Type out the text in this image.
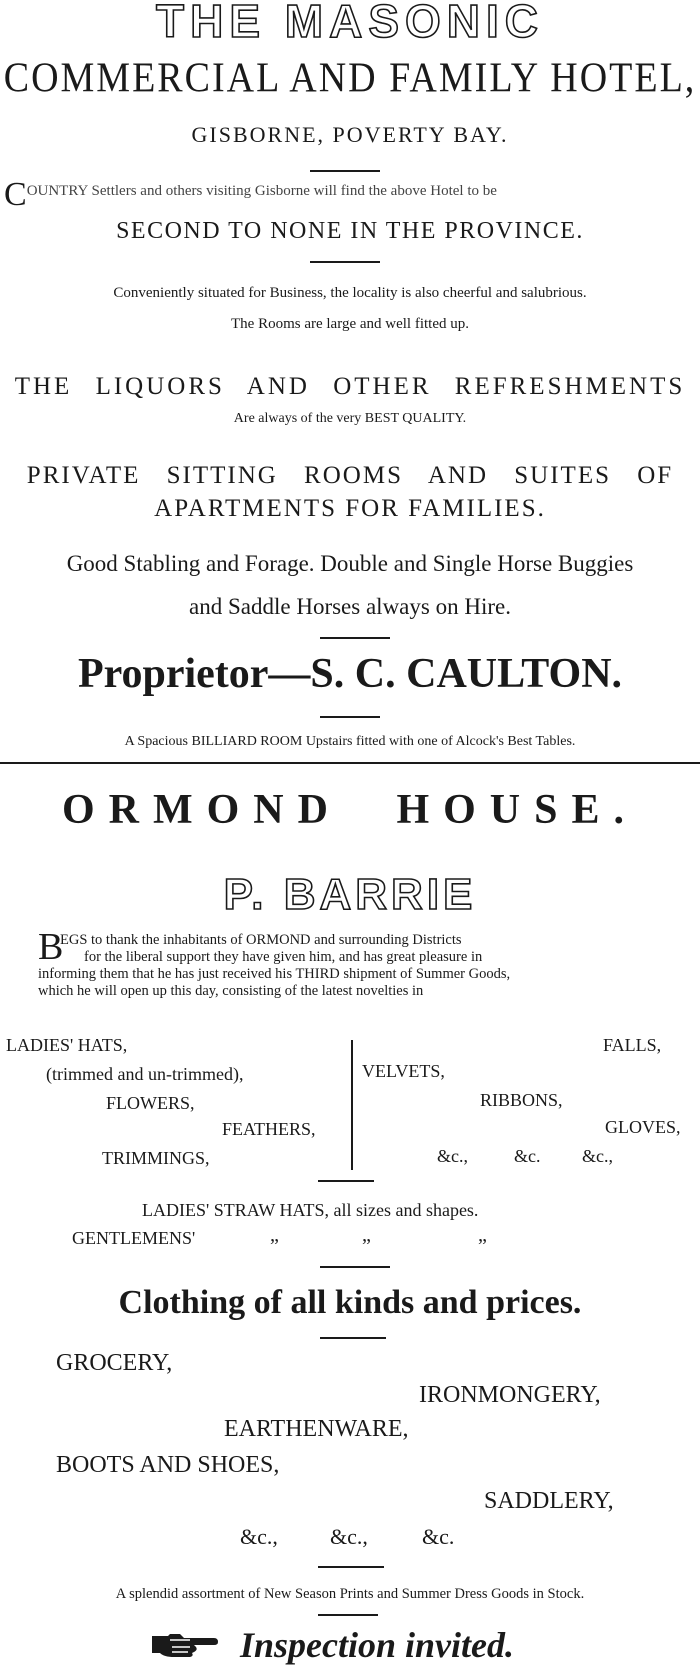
THE MASONIC
COMMERCIAL AND FAMILY HOTEL,
GISBORNE, POVERTY BAY.
COUNTRY Settlers and others visiting Gisborne will find the above Hotel to be
SECOND TO NONE IN THE PROVINCE.
Conveniently situated for Business, the locality is also cheerful and salubrious.
The Rooms are large and well fitted up.
THE LIQUORS AND OTHER REFRESHMENTS
Are always of the very BEST QUALITY.
PRIVATE SITTING ROOMS AND SUITES OF
APARTMENTS FOR FAMILIES.
Good Stabling and Forage. Double and Single Horse Buggies
and Saddle Horses always on Hire.
Proprietor—S. C. CAULTON.
A Spacious BILLIARD ROOM Upstairs fitted with one of Alcock's Best Tables.
ORMOND HOUSE.
P. BARRIE
B
EGS to thank the inhabitants of ORMOND and surrounding Districts
for the liberal support they have given him, and has great pleasure in
informing them that he has just received his THIRD shipment of Summer Goods,
which he will open up this day, consisting of the latest novelties in
LADIES' HATS,
(trimmed and un-trimmed),
FLOWERS,
FEATHERS,
TRIMMINGS,
FALLS,
VELVETS,
RIBBONS,
GLOVES,
&c.,	&c. &c.,
LADIES' STRAW HATS, all sizes and shapes.
GENTLEMENS'	„	„	„
Clothing of all kinds and prices.
GROCERY,
IRONMONGERY,
EARTHENWARE,
BOOTS AND SHOES,
SADDLERY,
&c., &c., &c.
A splendid assortment of New Season Prints and Summer Dress Goods in Stock.
Inspection invited.
